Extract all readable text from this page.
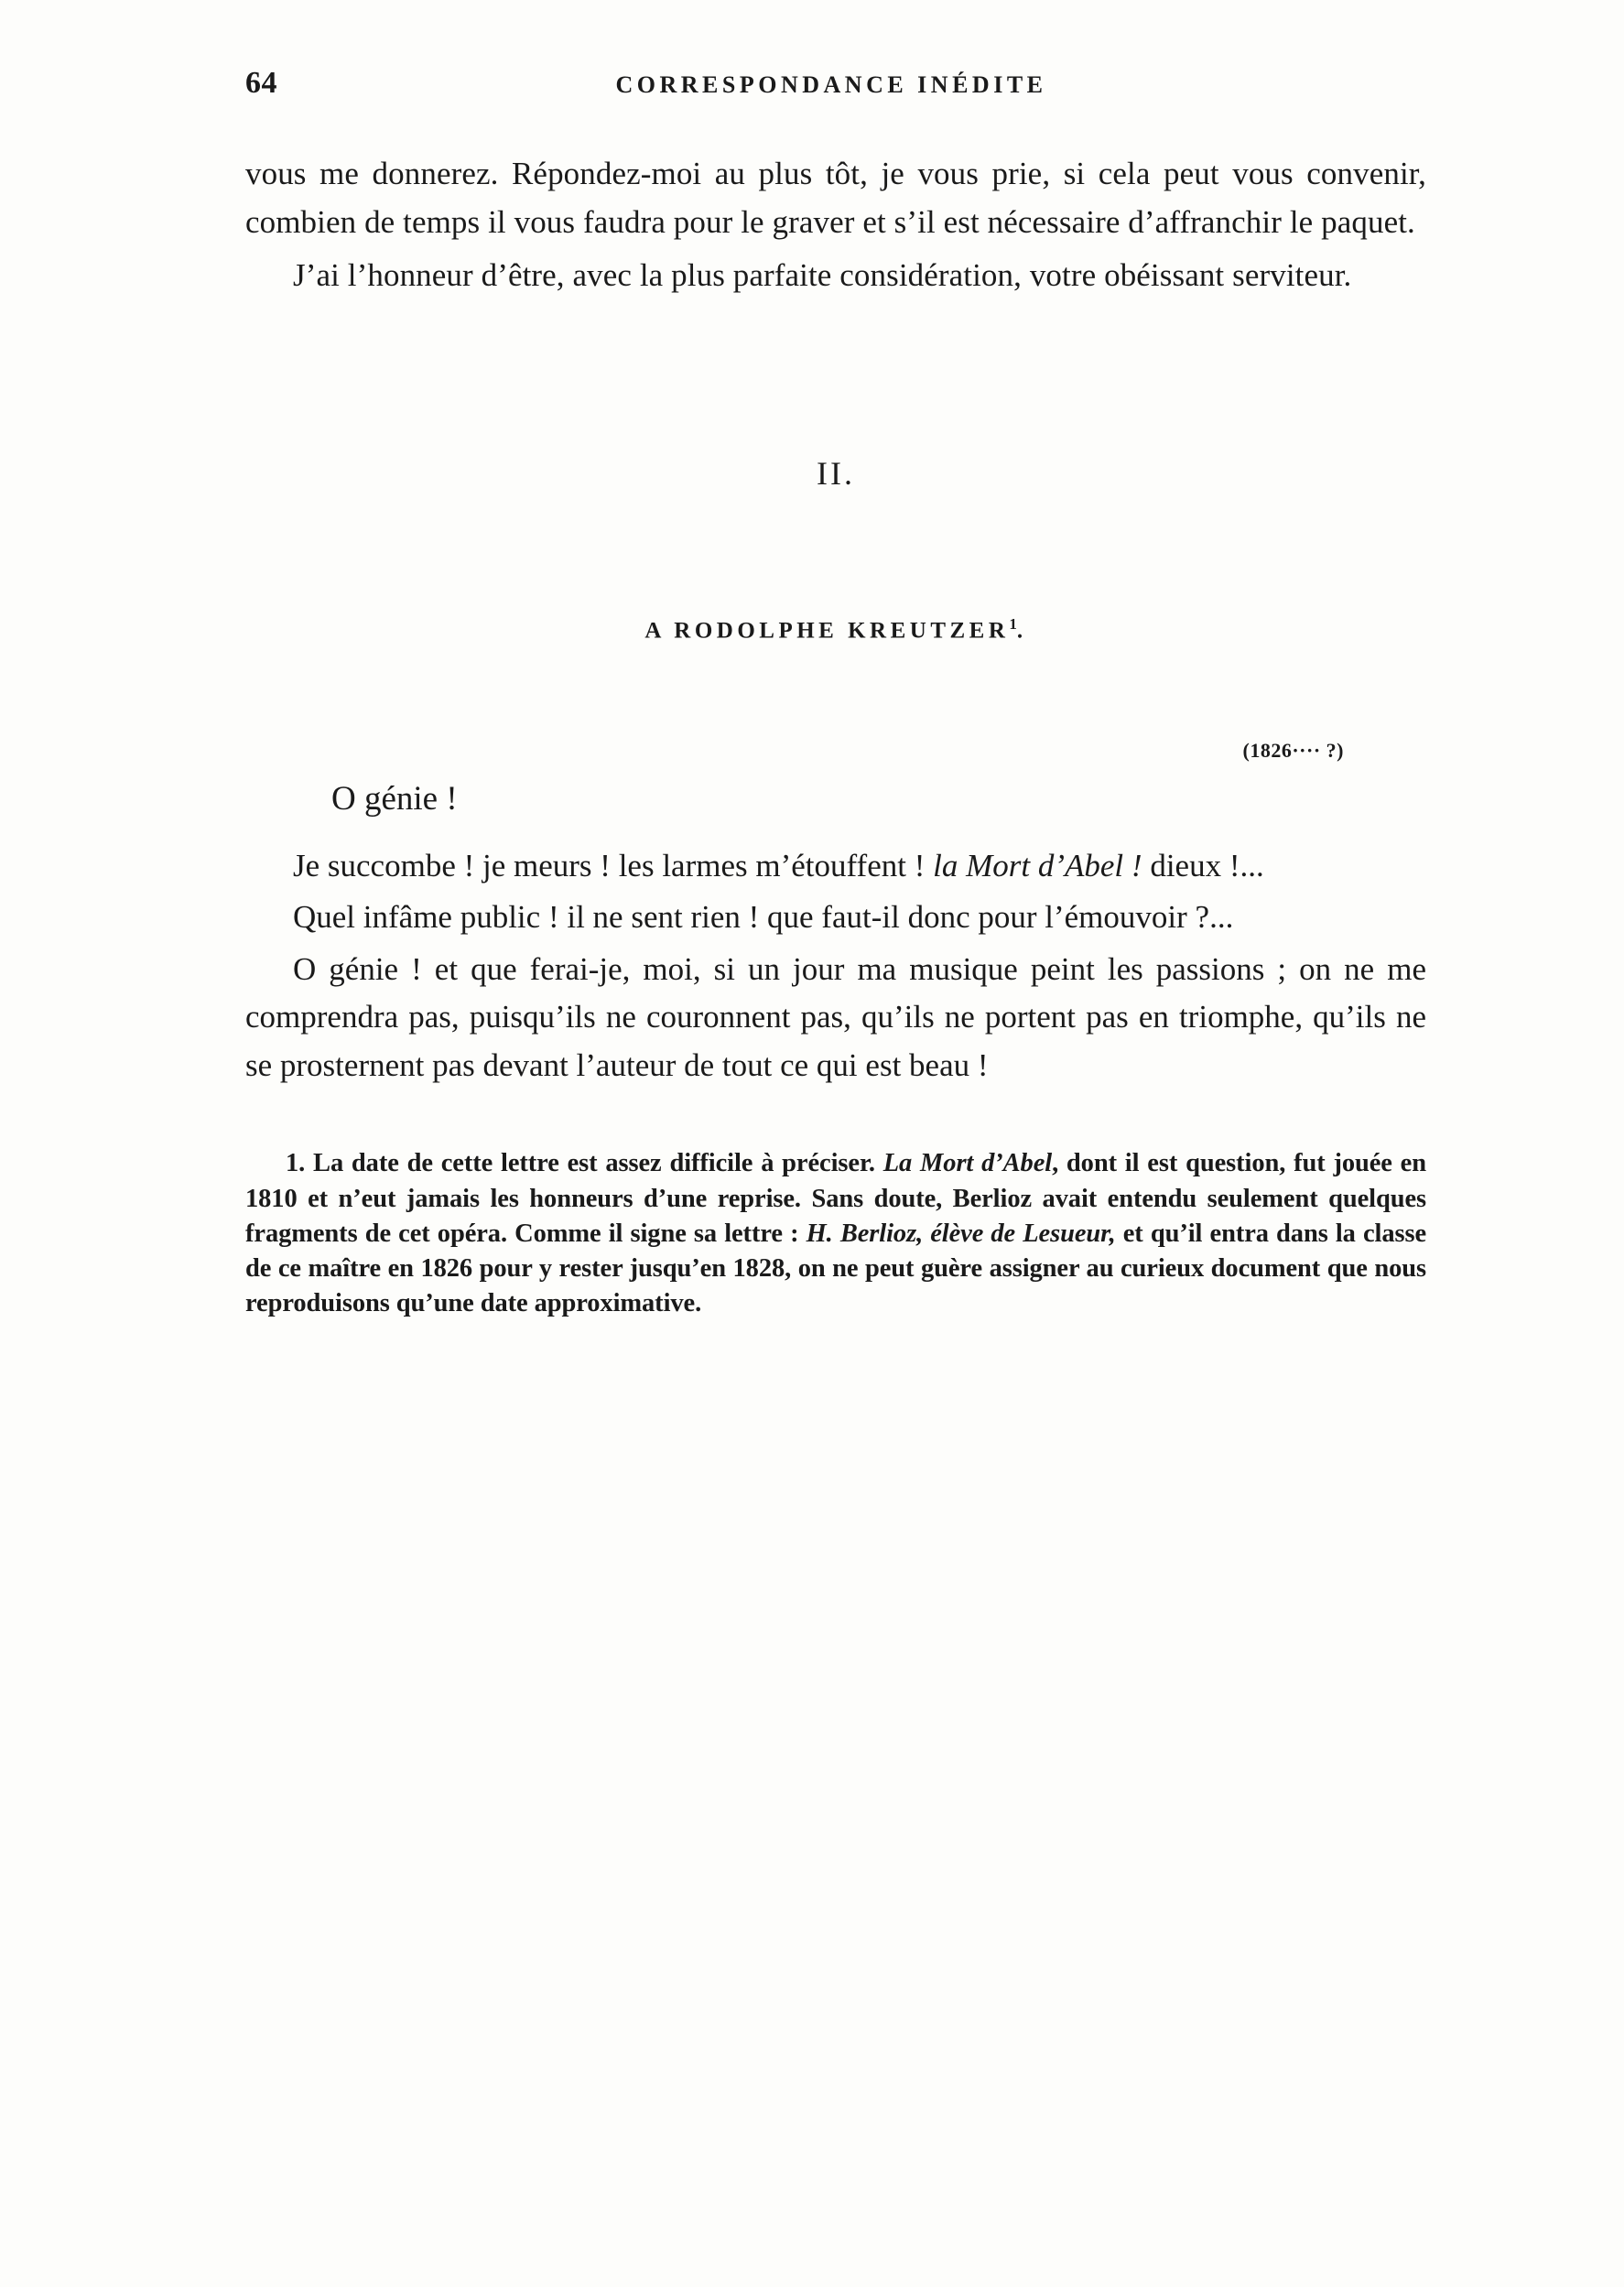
64	CORRESPONDANCE INÉDITE

vous me donnerez. Répondez-moi au plus tôt, je vous prie, si cela peut vous convenir, combien de temps il vous faudra pour le graver et s’il est nécessaire d’affranchir le paquet.

J’ai l’honneur d’être, avec la plus parfaite considération, votre obéissant serviteur.

II.
A RODOLPHE KREUTZER$^1$.
(1826···· ?)
O génie !

Je succombe ! je meurs ! les larmes m’étouffent ! la Mort d’Abel ! dieux !...

Quel infâme public ! il ne sent rien ! que faut-il donc pour l’émouvoir ?...

O génie ! et que ferai-je, moi, si un jour ma musique peint les passions ; on ne me comprendra pas, puisqu’ils ne couronnent pas, qu’ils ne portent pas en triomphe, qu’ils ne se prosternent pas devant l’auteur de tout ce qui est beau !

1. La date de cette lettre est assez difficile à préciser. La Mort d’Abel, dont il est question, fut jouée en 1810 et n’eut jamais les honneurs d’une reprise. Sans doute, Berlioz avait entendu seulement quelques fragments de cet opéra. Comme il signe sa lettre : H. Berlioz, élève de Lesueur, et qu’il entra dans la classe de ce maître en 1826 pour y rester jusqu’en 1828, on ne peut guère assigner au curieux document que nous reproduisons qu’une date approximative.
